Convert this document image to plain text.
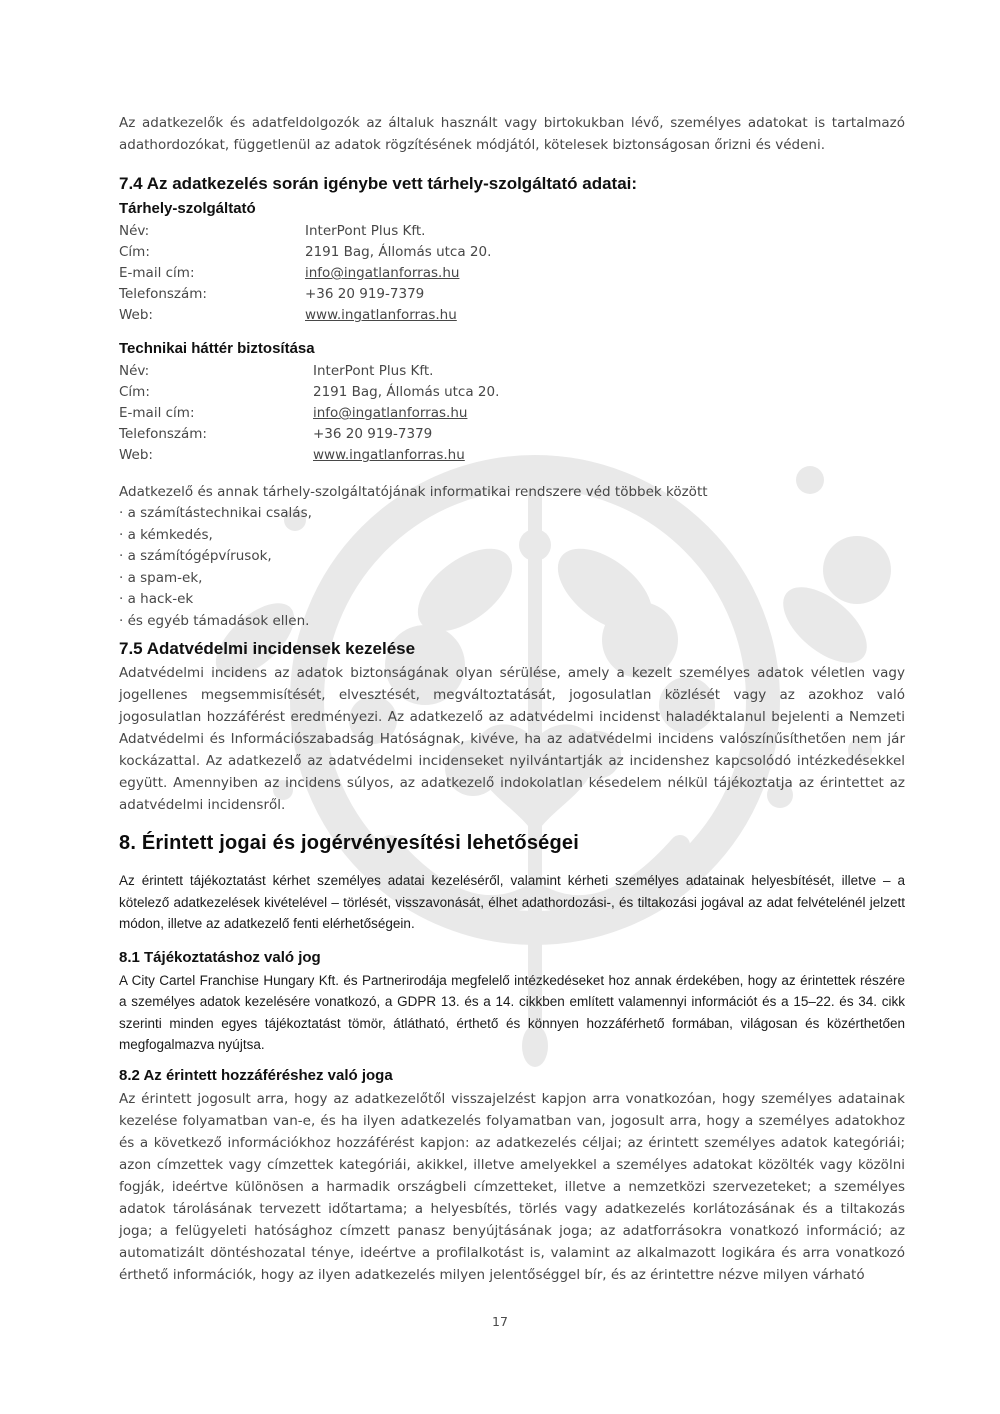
Az adatkezelők és adatfeldolgozók az általuk használt vagy birtokukban lévő, személyes adatokat is tartalmazó adathordozókat, függetlenül az adatok rögzítésének módjától, kötelesek biztonságosan őrizni és védeni.

7.4 Az adatkezelés során igénybe vett tárhely-szolgáltató adatai:
Tárhely-szolgáltató
Név:	InterPont Plus Kft.
Cím:	2191 Bag, Állomás utca 20.
E-mail cím:	info@ingatlanforras.hu
Telefonszám:	+36 20 919-7379
Web:	www.ingatlanforras.hu
Technikai háttér biztosítása
Név:	InterPont Plus Kft.
Cím:	2191 Bag, Állomás utca 20.
E-mail cím:	info@ingatlanforras.hu
Telefonszám:	+36 20 919-7379
Web:	www.ingatlanforras.hu

Adatkezelő és annak tárhely-szolgáltatójának informatikai rendszere véd többek között

· a számítástechnikai csalás,
· a kémkedés,
· a számítógépvírusok,
· a spam-ek,
· a hack-ek
· és egyéb támadások ellen.
7.5 Adatvédelmi incidensek kezelése

Adatvédelmi incidens az adatok biztonságának olyan sérülése, amely a kezelt személyes adatok véletlen vagy jogellenes megsemmisítését, elvesztését, megváltoztatását, jogosulatlan közlését vagy az azokhoz való jogosulatlan hozzáférést eredményezi. Az adatkezelő az adatvédelmi incidenst haladéktalanul bejelenti a Nemzeti Adatvédelmi és Információszabadság Hatóságnak, kivéve, ha az adatvédelmi incidens valószínűsíthetően nem jár kockázattal. Az adatkezelő az adatvédelmi incidenseket nyilvántartják az incidenshez kapcsolódó intézkedésekkel együtt. Amennyiben az incidens súlyos, az adatkezelő indokolatlan késedelem nélkül tájékoztatja az érintettet az adatvédelmi incidensről.

8. Érintett jogai és jogérvényesítési lehetőségei

Az érintett tájékoztatást kérhet személyes adatai kezeléséről, valamint kérheti személyes adatainak helyesbítését, illetve – a kötelező adatkezelések kivételével – törlését, visszavonását, élhet adathordozási-, és tiltakozási jogával az adat felvételénél jelzett módon, illetve az adatkezelő fenti elérhetőségein.

8.1 Tájékoztatáshoz való jog

A City Cartel Franchise Hungary Kft. és Partnerirodája megfelelő intézkedéseket hoz annak érdekében, hogy az érintettek részére a személyes adatok kezelésére vonatkozó, a GDPR 13. és a 14. cikkben említett valamennyi információt és a 15–22. és 34. cikk szerinti minden egyes tájékoztatást tömör, átlátható, érthető és könnyen hozzáférhető formában, világosan és közérthetően megfogalmazva nyújtsa.

8.2 Az érintett hozzáféréshez való joga

Az érintett jogosult arra, hogy az adatkezelőtől visszajelzést kapjon arra vonatkozóan, hogy személyes adatainak kezelése folyamatban van-e, és ha ilyen adatkezelés folyamatban van, jogosult arra, hogy a személyes adatokhoz és a következő információkhoz hozzáférést kapjon: az adatkezelés céljai; az érintett személyes adatok kategóriái; azon címzettek vagy címzettek kategóriái, akikkel, illetve amelyekkel a személyes adatokat közölték vagy közölni fogják, ideértve különösen a harmadik országbeli címzetteket, illetve a nemzetközi szervezeteket; a személyes adatok tárolásának tervezett időtartama; a helyesbítés, törlés vagy adatkezelés korlátozásának és a tiltakozás joga; a felügyeleti hatósághoz címzett panasz benyújtásának joga; az adatforrásokra vonatkozó információ; az automatizált döntéshozatal ténye, ideértve a profilalkotást is, valamint az alkalmazott logikára és arra vonatkozó érthető információk, hogy az ilyen adatkezelés milyen jelentőséggel bír, és az érintettre nézve milyen várható

17
